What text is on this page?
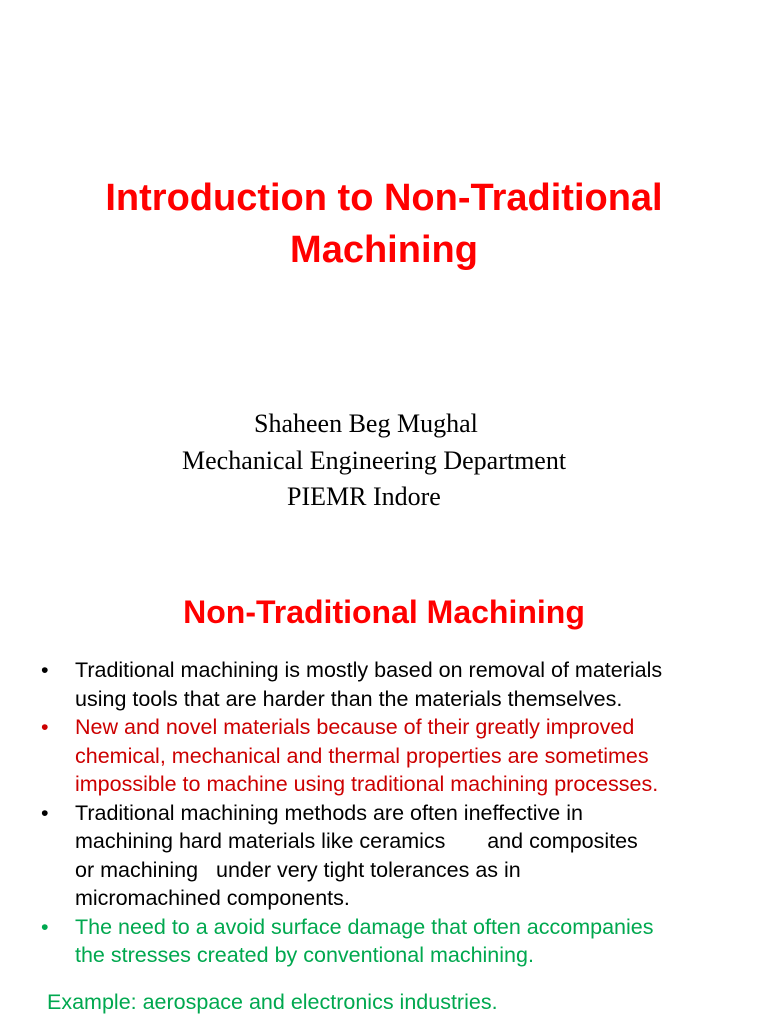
Introduction to Non-Traditional
Machining
Shaheen Beg Mughal
Mechanical Engineering Department
PIEMR Indore
Non-Traditional Machining
• Traditional machining is mostly based on removal of materials
using tools that are harder than the materials themselves.
• New and novel materials because of their greatly improved
chemical, mechanical and thermal properties are sometimes
impossible to machine using traditional machining processes.
• Traditional machining methods are often ineffective in
machining hard materials like ceramics       and composites
or machining   under very tight tolerances as in
micromachined components.
• The need to a avoid surface damage that often accompanies
the stresses created by conventional machining.
Example: aerospace and electronics industries.
